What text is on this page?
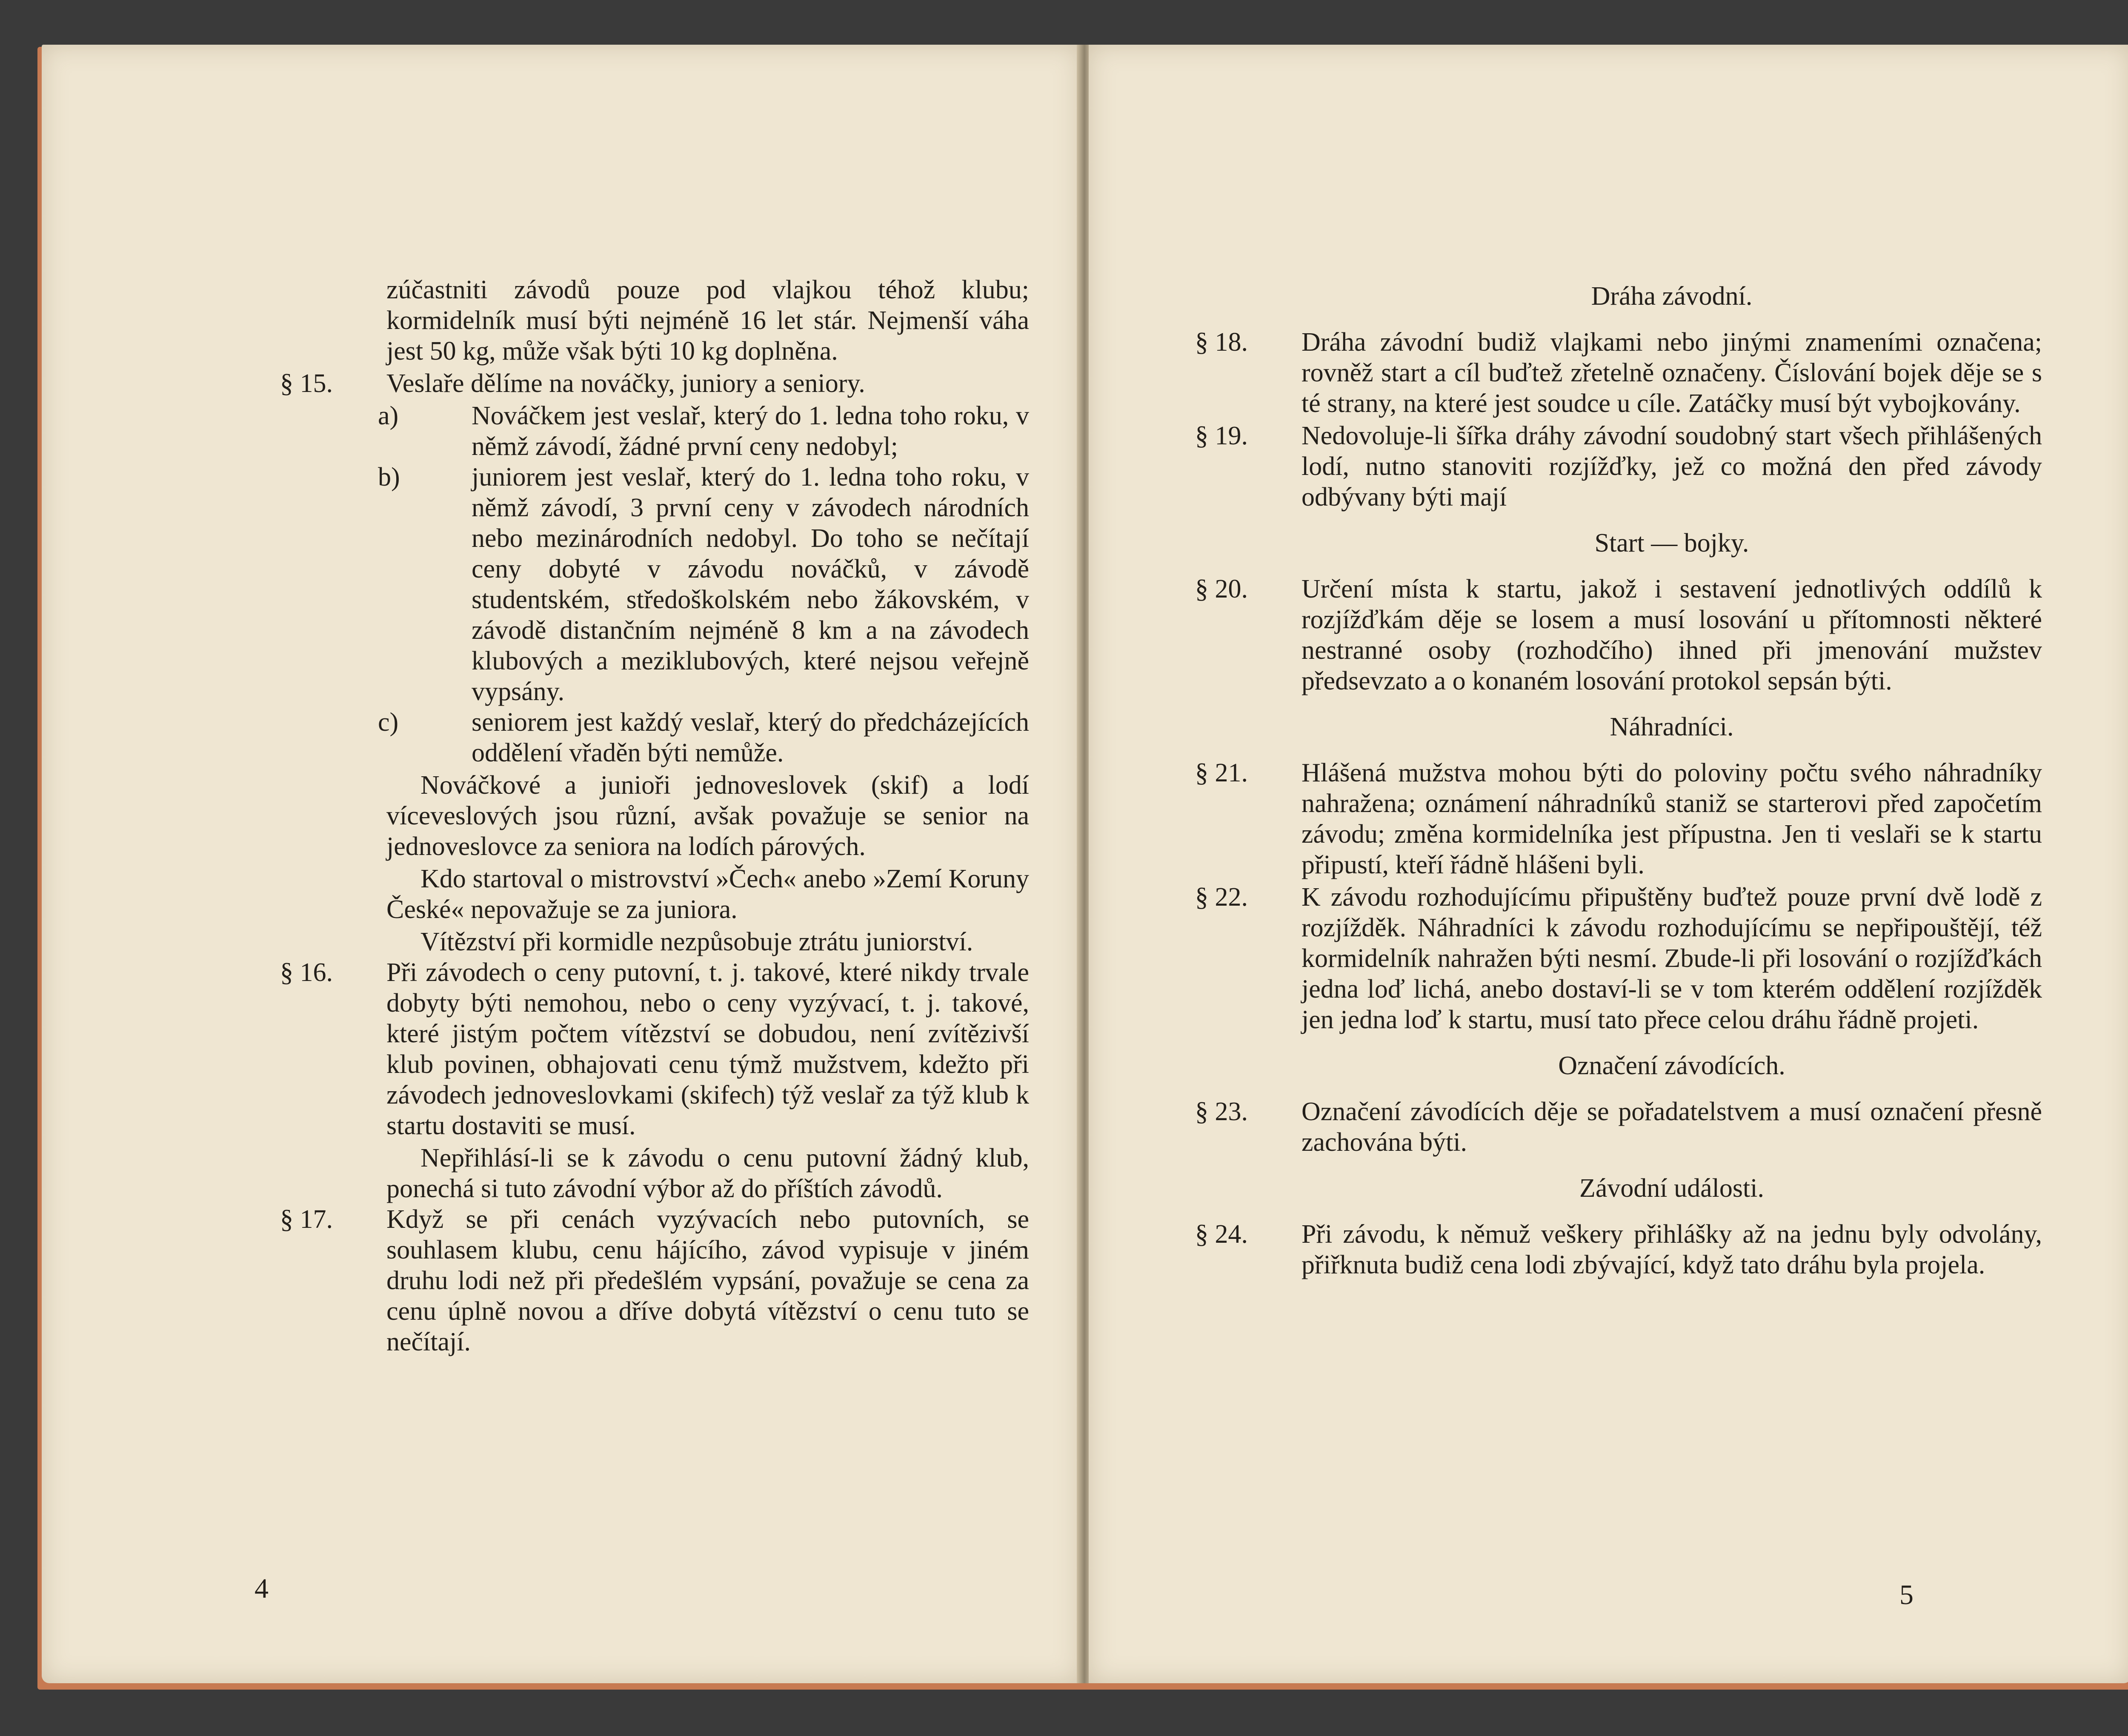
zúčastniti závodů pouze pod vlajkou téhož klubu; kormidelník musí býti nejméně 16 let stár. Nejmenší váha jest 50 kg, může však býti 10 kg doplněna.
§ 15.	Veslaře dělíme na nováčky, juniory a seniory.
a)	Nováčkem jest veslař, který do 1. ledna toho roku, v němž závodí, žádné první ceny nedobyl;
b)	juniorem jest veslař, který do 1. ledna toho roku, v němž závodí, 3 první ceny v závodech národních nebo mezinárodních nedobyl. Do toho se nečítají ceny dobyté v závodu nováčků, v závodě studentském, středoškolském nebo žákovském, v závodě distančním nejméně 8 km a na závodech klubových a meziklubových, které nejsou veřejně vypsány.
c)	seniorem jest každý veslař, který do předcházejících oddělení vřaděn býti nemůže.
Nováčkové a junioři jednoveslovek (skif) a lodí víceveslových jsou různí, avšak považuje se senior na jednoveslovce za seniora na lodích párových.
Kdo startoval o mistrovství »Čech« anebo »Zemí Koruny České« nepovažuje se za juniora.
Vítězství při kormidle nezpůsobuje ztrátu juniorství.
§ 16.	Při závodech o ceny putovní, t. j. takové, které nikdy trvale dobyty býti nemohou, nebo o ceny vyzývací, t. j. takové, které jistým počtem vítězství se dobudou, není zvítězivší klub povinen, obhajovati cenu týmž mužstvem, kdežto při závodech jednoveslovkami (skifech) týž veslař za týž klub k startu dostaviti se musí.
Nepřihlásí-li se k závodu o cenu putovní žádný klub, ponechá si tuto závodní výbor až do příštích závodů.
§ 17.	Když se při cenách vyzývacích nebo putovních, se souhlasem klubu, cenu hájícího, závod vypisuje v jiném druhu lodi než při předešlém vypsání, považuje se cena za cenu úplně novou a dříve dobytá vítězství o cenu tuto se nečítají.
4
Dráha závodní.
§ 18.	Dráha závodní budiž vlajkami nebo jinými znameními označena; rovněž start a cíl buďtež zřetelně označeny. Číslování bojek děje se s té strany, na které jest soudce u cíle. Zatáčky musí být vybojkovány.
§ 19.	Nedovoluje-li šířka dráhy závodní soudobný start všech přihlášených lodí, nutno stanoviti rozjížďky, jež co možná den před závody odbývany býti mají
Start — bojky.
§ 20.	Určení místa k startu, jakož i sestavení jednotlivých oddílů k rozjížďkám děje se losem a musí losování u přítomnosti některé nestranné osoby (rozhodčího) ihned při jmenování mužstev předsevzato a o konaném losování protokol sepsán býti.
Náhradníci.
§ 21.	Hlášená mužstva mohou býti do poloviny počtu svého náhradníky nahražena; oznámení náhradníků staniž se starterovi před započetím závodu; změna kormidelníka jest přípustna. Jen ti veslaři se k startu připustí, kteří řádně hlášeni byli.
§ 22.	K závodu rozhodujícímu připuštěny buďtež pouze první dvě lodě z rozjížděk. Náhradníci k závodu rozhodujícímu se nepřipouštějí, též kormidelník nahražen býti nesmí. Zbude-li při losování o rozjížďkách jedna loď lichá, anebo dostaví-li se v tom kterém oddělení rozjížděk jen jedna loď k startu, musí tato přece celou dráhu řádně projeti.
Označení závodících.
§ 23.	Označení závodících děje se pořadatelstvem a musí označení přesně zachována býti.
Závodní události.
§ 24.	Při závodu, k němuž veškery přihlášky až na jednu byly odvolány, přiřknuta budiž cena lodi zbývající, když tato dráhu byla projela.
5
